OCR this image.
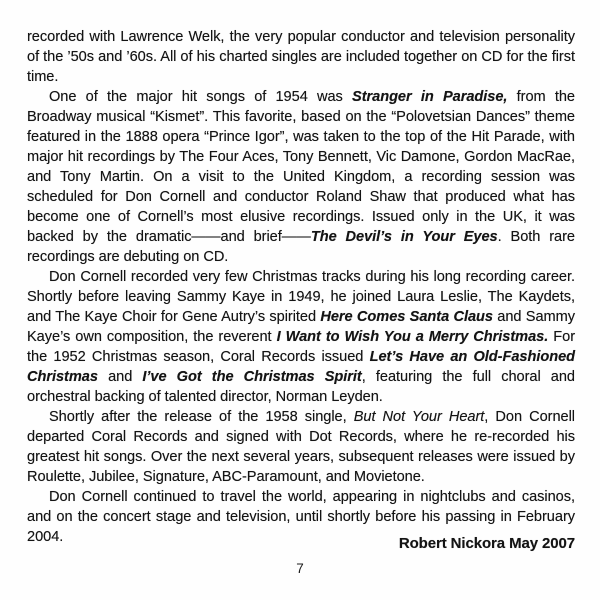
recorded with Lawrence Welk, the very popular conductor and television personality of the ’50s and ’60s. All of his charted singles are included together on CD for the first time.

One of the major hit songs of 1954 was Stranger in Paradise, from the Broadway musical “Kismet”. This favorite, based on the “Polovetsian Dances” theme featured in the 1888 opera “Prince Igor”, was taken to the top of the Hit Parade, with major hit recordings by The Four Aces, Tony Bennett, Vic Damone, Gordon MacRae, and Tony Martin. On a visit to the United Kingdom, a recording session was scheduled for Don Cornell and conductor Roland Shaw that produced what has become one of Cornell’s most elusive recordings. Issued only in the UK, it was backed by the dramatic——and brief——The Devil’s in Your Eyes. Both rare recordings are debuting on CD.

Don Cornell recorded very few Christmas tracks during his long recording career. Shortly before leaving Sammy Kaye in 1949, he joined Laura Leslie, The Kaydets, and The Kaye Choir for Gene Autry’s spirited Here Comes Santa Claus and Sammy Kaye’s own composition, the reverent I Want to Wish You a Merry Christmas. For the 1952 Christmas season, Coral Records issued Let’s Have an Old-Fashioned Christmas and I’ve Got the Christmas Spirit, featuring the full choral and orchestral backing of talented director, Norman Leyden.

Shortly after the release of the 1958 single, But Not Your Heart, Don Cornell departed Coral Records and signed with Dot Records, where he re-recorded his greatest hit songs. Over the next several years, subsequent releases were issued by Roulette, Jubilee, Signature, ABC-Paramount, and Movietone.

Don Cornell continued to travel the world, appearing in nightclubs and casinos, and on the concert stage and television, until shortly before his passing in February 2004.	Robert Nickora May 2007
7
